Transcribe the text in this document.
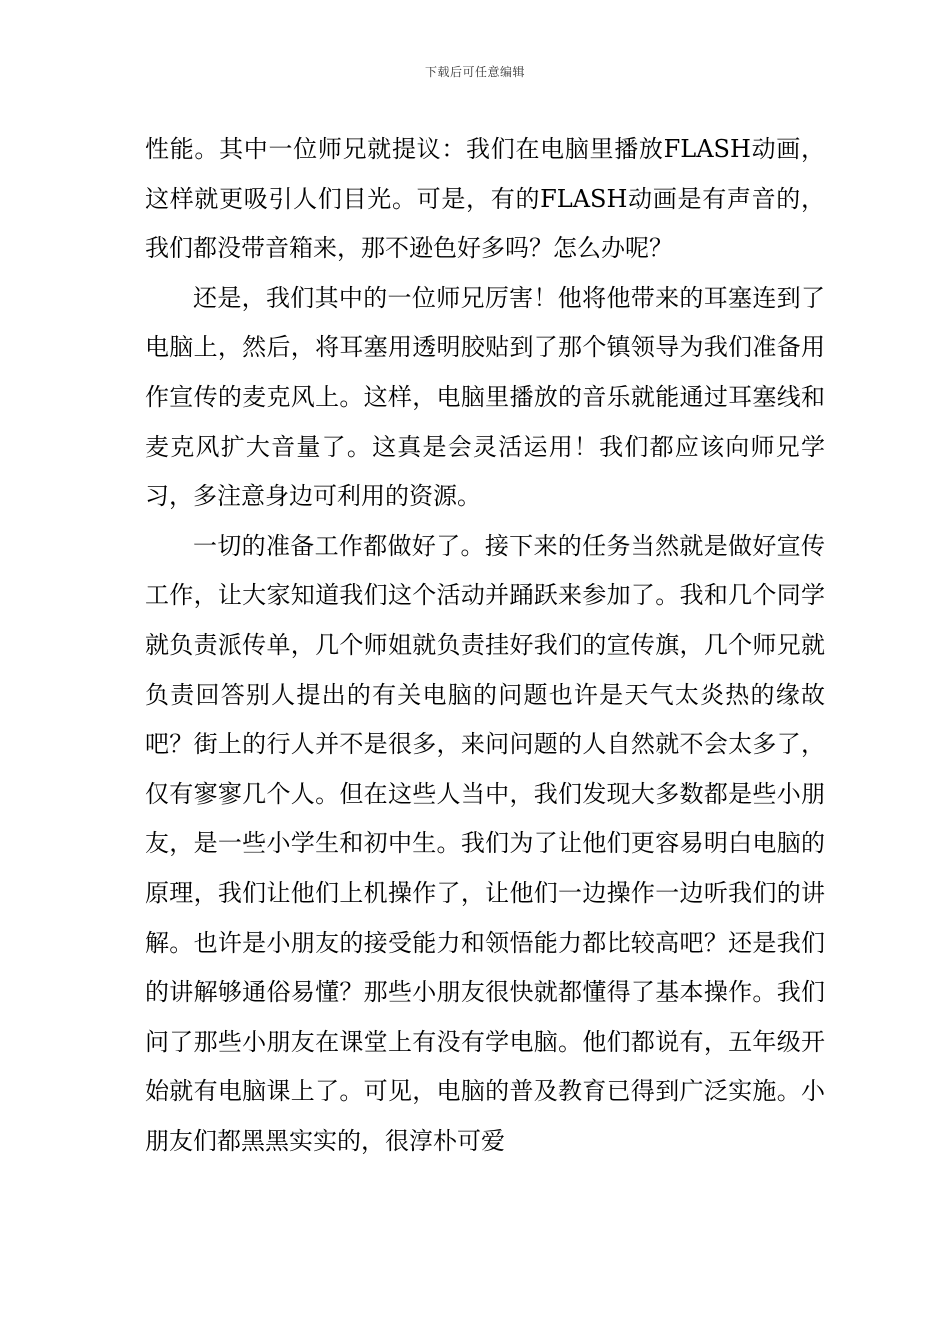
下载后可任意编辑

性能。其中一位师兄就提议：我们在电脑里播放FLASH动画，这样就更吸引人们目光。可是，有的FLASH动画是有声音的，我们都没带音箱来，那不逊色好多吗？怎么办呢？

还是，我们其中的一位师兄厉害！他将他带来的耳塞连到了电脑上，然后，将耳塞用透明胶贴到了那个镇领导为我们准备用作宣传的麦克风上。这样，电脑里播放的音乐就能通过耳塞线和麦克风扩大音量了。这真是会灵活运用！我们都应该向师兄学习，多注意身边可利用的资源。

一切的准备工作都做好了。接下来的任务当然就是做好宣传工作，让大家知道我们这个活动并踊跃来参加了。我和几个同学就负责派传单，几个师姐就负责挂好我们的宣传旗，几个师兄就负责回答别人提出的有关电脑的问题也许是天气太炎热的缘故吧？街上的行人并不是很多，来问问题的人自然就不会太多了，仅有寥寥几个人。但在这些人当中，我们发现大多数都是些小朋友，是一些小学生和初中生。我们为了让他们更容易明白电脑的原理，我们让他们上机操作了，让他们一边操作一边听我们的讲解。也许是小朋友的接受能力和领悟能力都比较高吧？还是我们的讲解够通俗易懂？那些小朋友很快就都懂得了基本操作。我们问了那些小朋友在课堂上有没有学电脑。他们都说有，五年级开始就有电脑课上了。可见，电脑的普及教育已得到广泛实施。小朋友们都黑黑实实的，很淳朴可爱
